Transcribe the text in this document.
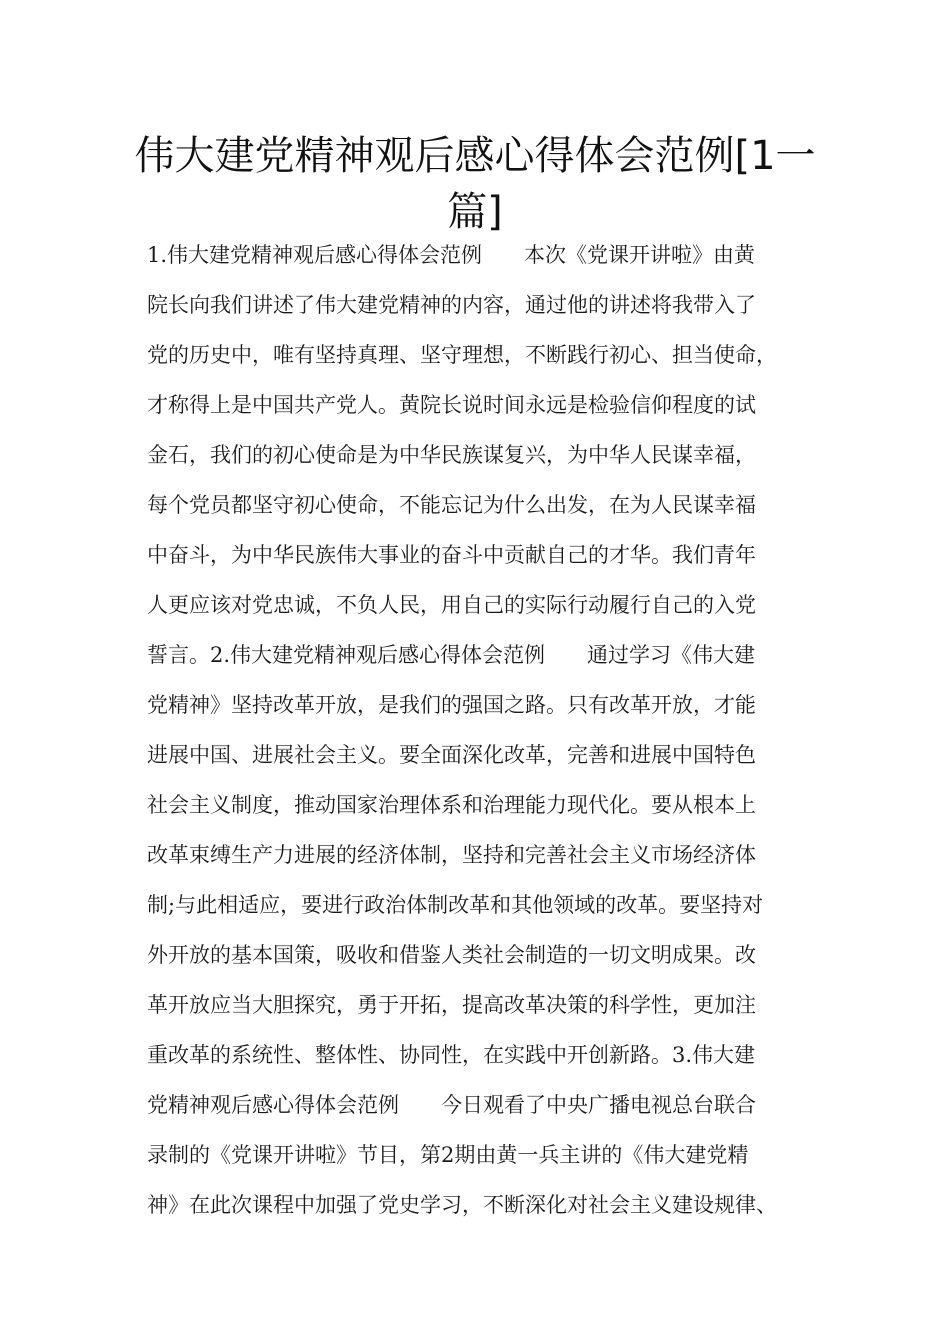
伟大建党精神观后感心得体会范例[1一
篇]
1.伟大建党精神观后感心得体会范例　　本次《党课开讲啦》由黄
院长向我们讲述了伟大建党精神的内容，通过他的讲述将我带入了
党的历史中，唯有坚持真理、坚守理想，不断践行初心、担当使命，
才称得上是中国共产党人。黄院长说时间永远是检验信仰程度的试
金石，我们的初心使命是为中华民族谋复兴，为中华人民谋幸福，
每个党员都坚守初心使命，不能忘记为什么出发，在为人民谋幸福
中奋斗，为中华民族伟大事业的奋斗中贡献自己的才华。我们青年
人更应该对党忠诚，不负人民，用自己的实际行动履行自己的入党
誓言。2.伟大建党精神观后感心得体会范例　　通过学习《伟大建
党精神》坚持改革开放，是我们的强国之路。只有改革开放，才能
进展中国、进展社会主义。要全面深化改革，完善和进展中国特色
社会主义制度，推动国家治理体系和治理能力现代化。要从根本上
改革束缚生产力进展的经济体制，坚持和完善社会主义市场经济体
制;与此相适应，要进行政治体制改革和其他领域的改革。要坚持对
外开放的基本国策，吸收和借鉴人类社会制造的一切文明成果。改
革开放应当大胆探究，勇于开拓，提高改革决策的科学性，更加注
重改革的系统性、整体性、协同性，在实践中开创新路。3.伟大建
党精神观后感心得体会范例　　今日观看了中央广播电视总台联合
录制的《党课开讲啦》节目，第2期由黄一兵主讲的《伟大建党精
神》在此次课程中加强了党史学习，不断深化对社会主义建设规律、
